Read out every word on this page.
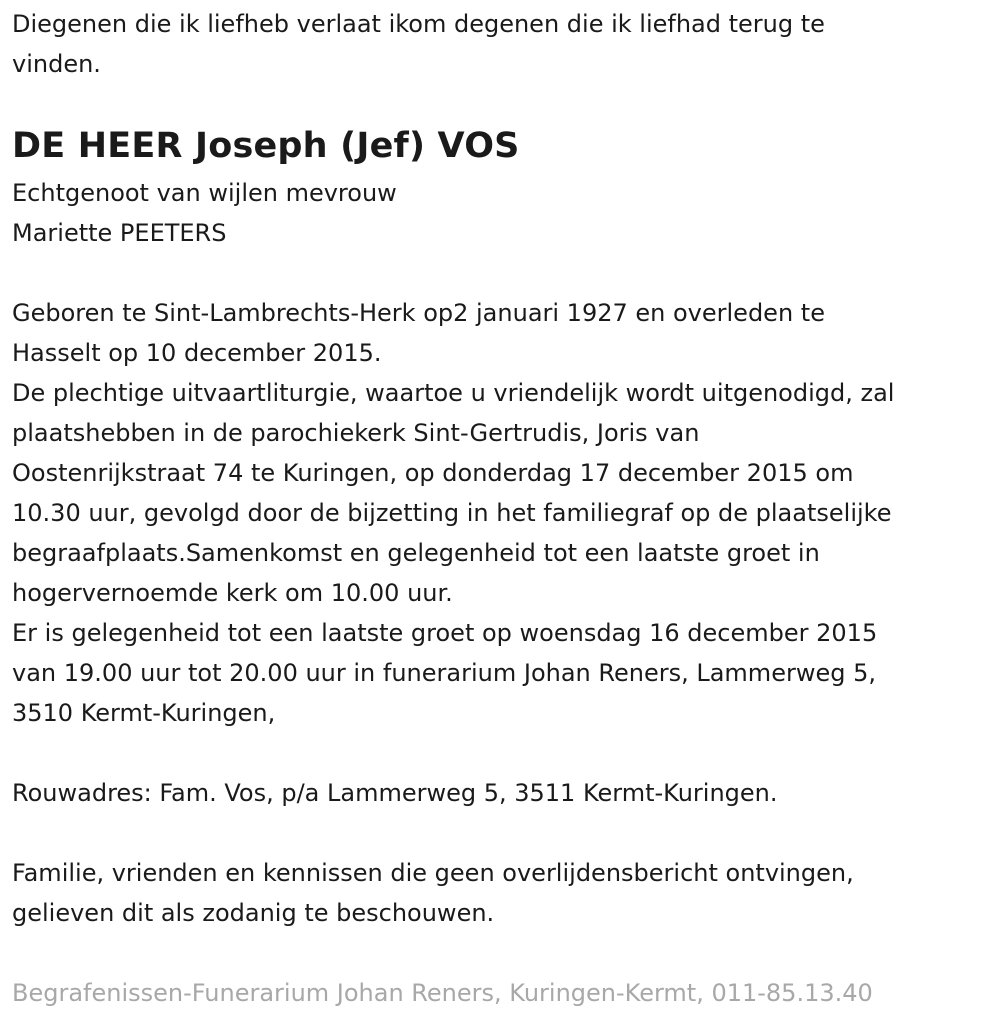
Diegenen die ik liefheb verlaat ikom degenen die ik liefhad terug te

vinden.

DE HEER Joseph (Jef) VOS

Echtgenoot van wijlen mevrouw

Mariette PEETERS

Geboren te Sint-Lambrechts-Herk op2 januari 1927 en overleden te

Hasselt op 10 december 2015.

De plechtige uitvaartliturgie, waartoe u vriendelijk wordt uitgenodigd, zal

plaatshebben in de parochiekerk Sint-Gertrudis, Joris van

Oostenrijkstraat 74 te Kuringen, op donderdag 17 december 2015 om

10.30 uur, gevolgd door de bijzetting in het familiegraf op de plaatselijke

begraafplaats.Samenkomst en gelegenheid tot een laatste groet in

hogervernoemde kerk om 10.00 uur.

Er is gelegenheid tot een laatste groet op woensdag 16 december 2015

van 19.00 uur tot 20.00 uur in funerarium Johan Reners, Lammerweg 5,

3510 Kermt-Kuringen,

Rouwadres: Fam. Vos, p/a Lammerweg 5, 3511 Kermt-Kuringen.

Familie, vrienden en kennissen die geen overlijdensbericht ontvingen,

gelieven dit als zodanig te beschouwen.

Begrafenissen-Funerarium Johan Reners, Kuringen-Kermt, 011-85.13.40
